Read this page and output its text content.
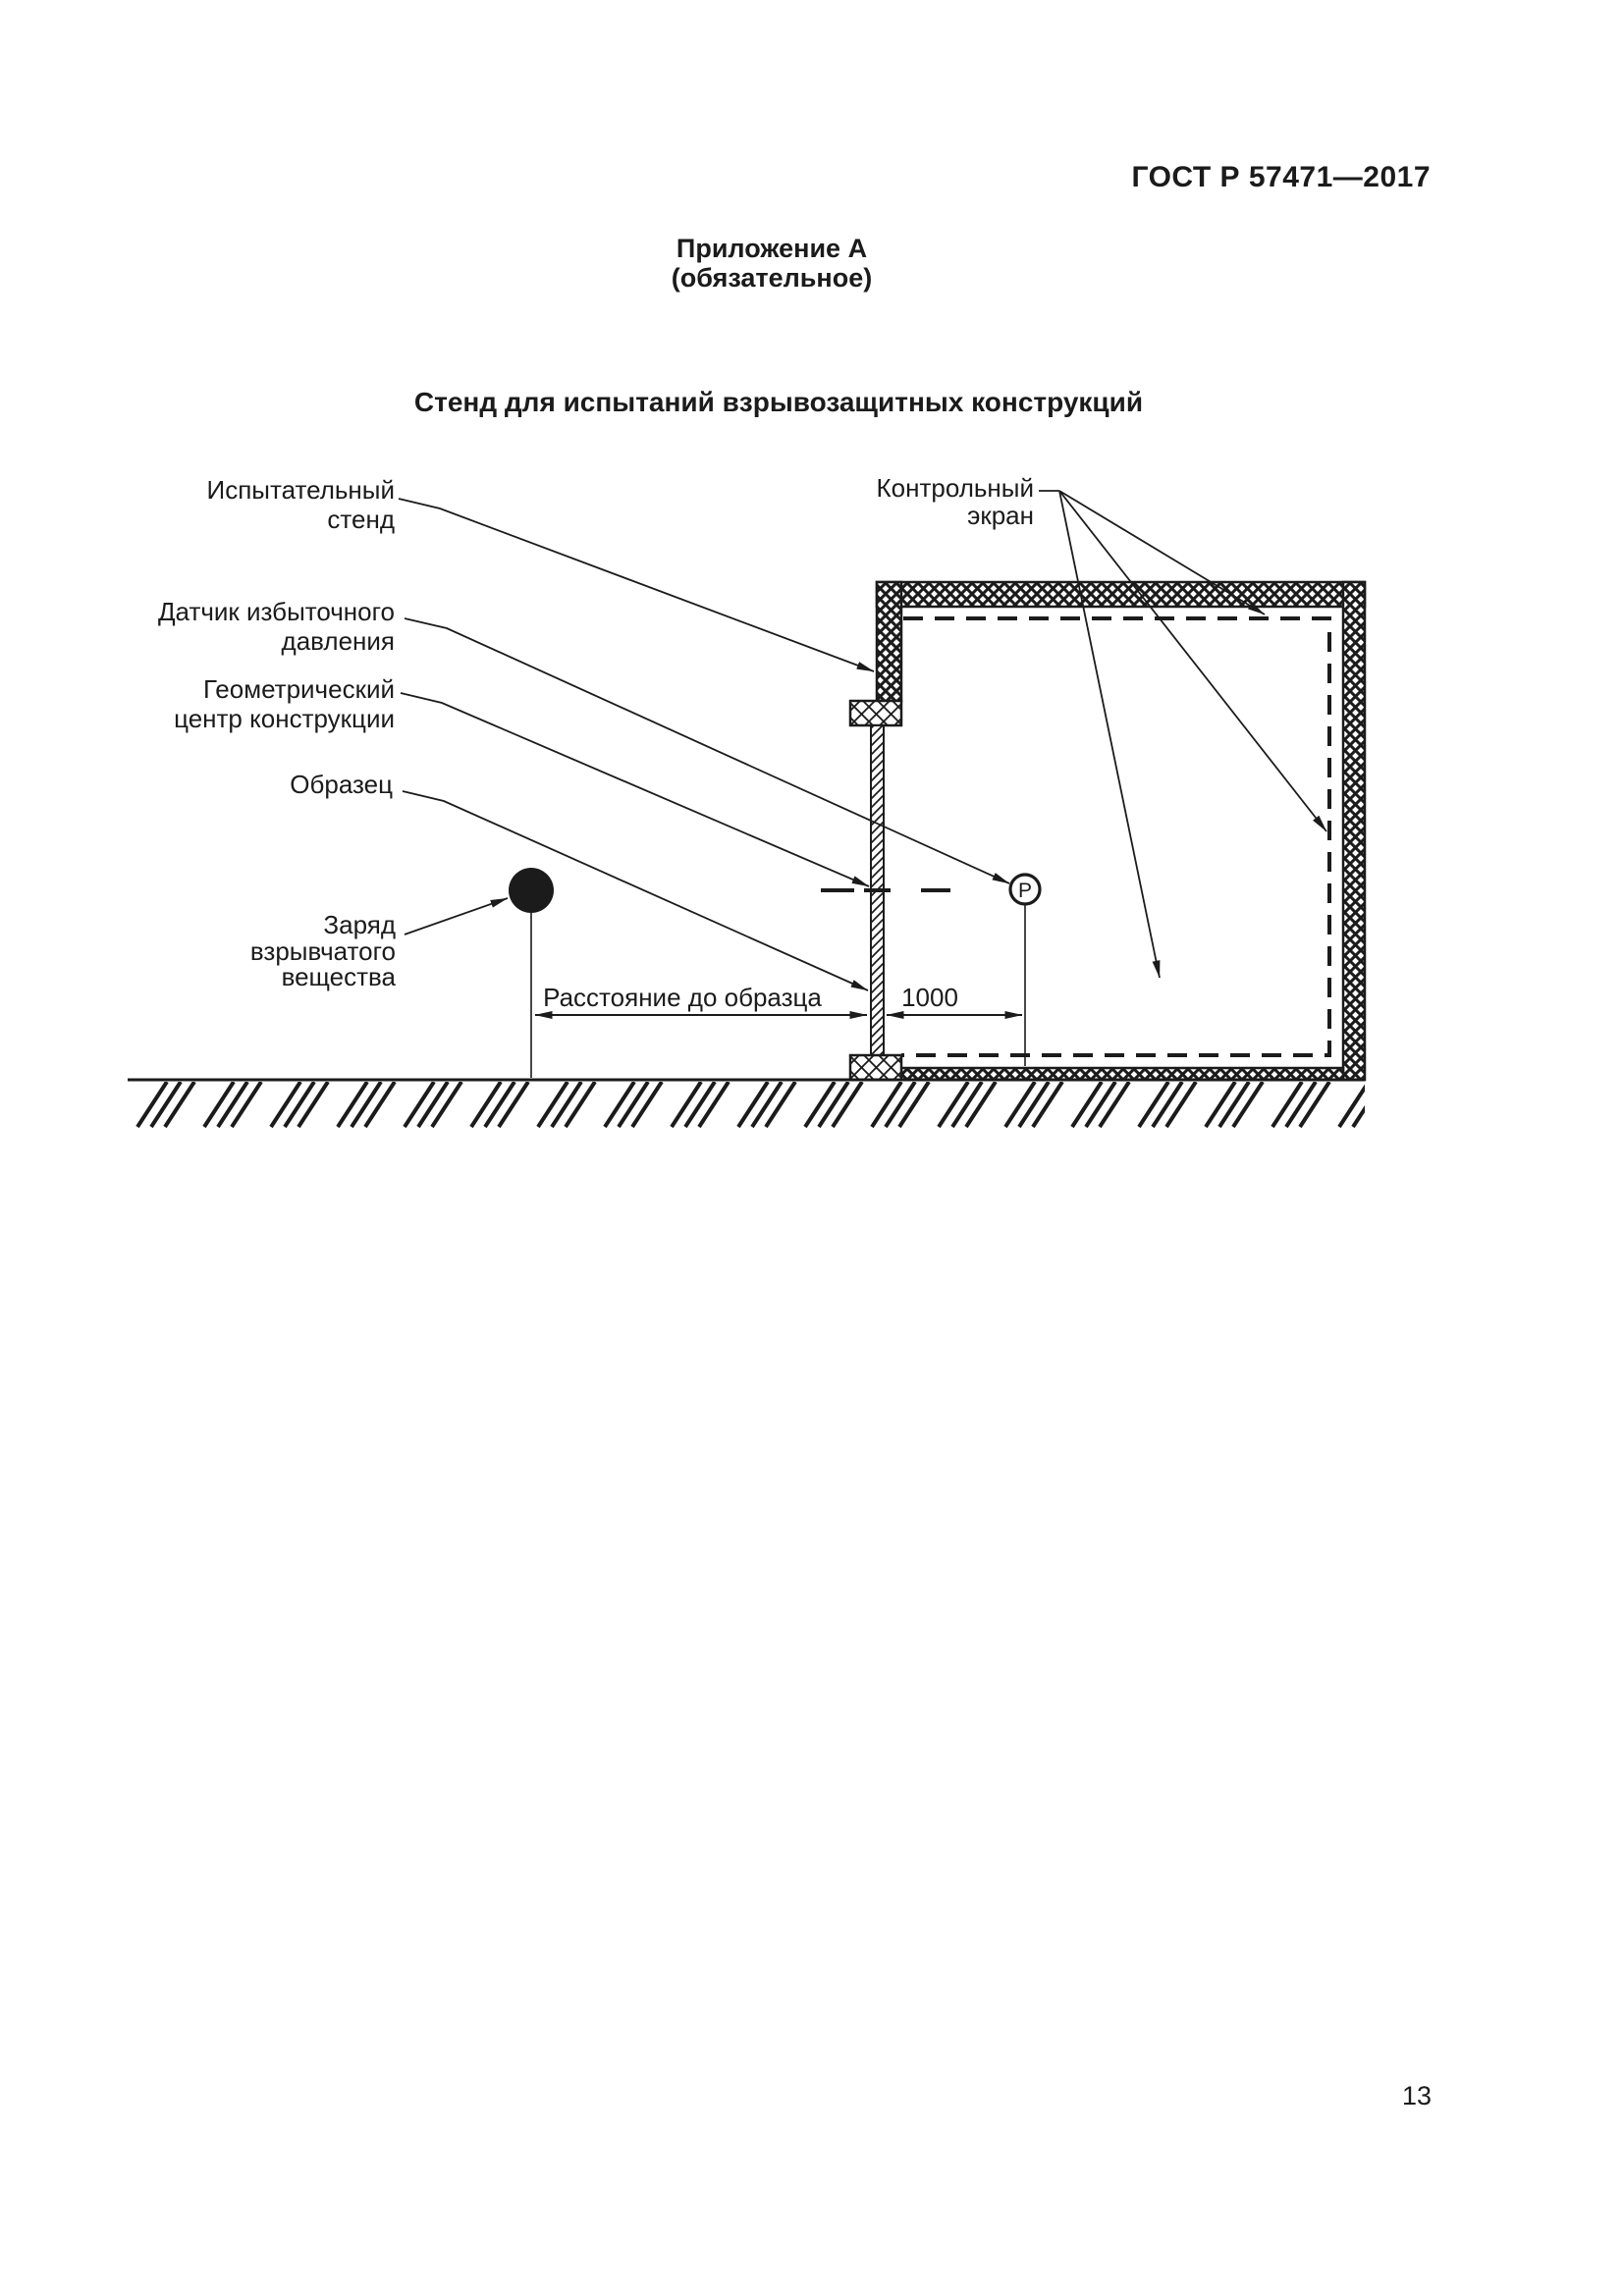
ГОСТ Р 57471—2017
Приложение А
(обязательное)
Стенд для испытаний взрывозащитных конструкций
P
Расстояние до образца	1000
Испытательный
стенд
Датчик избыточного
давления
Геометрический
центр конструкции
Образец
Заряд
взрывчатого
вещества
Контрольный
экран
13
